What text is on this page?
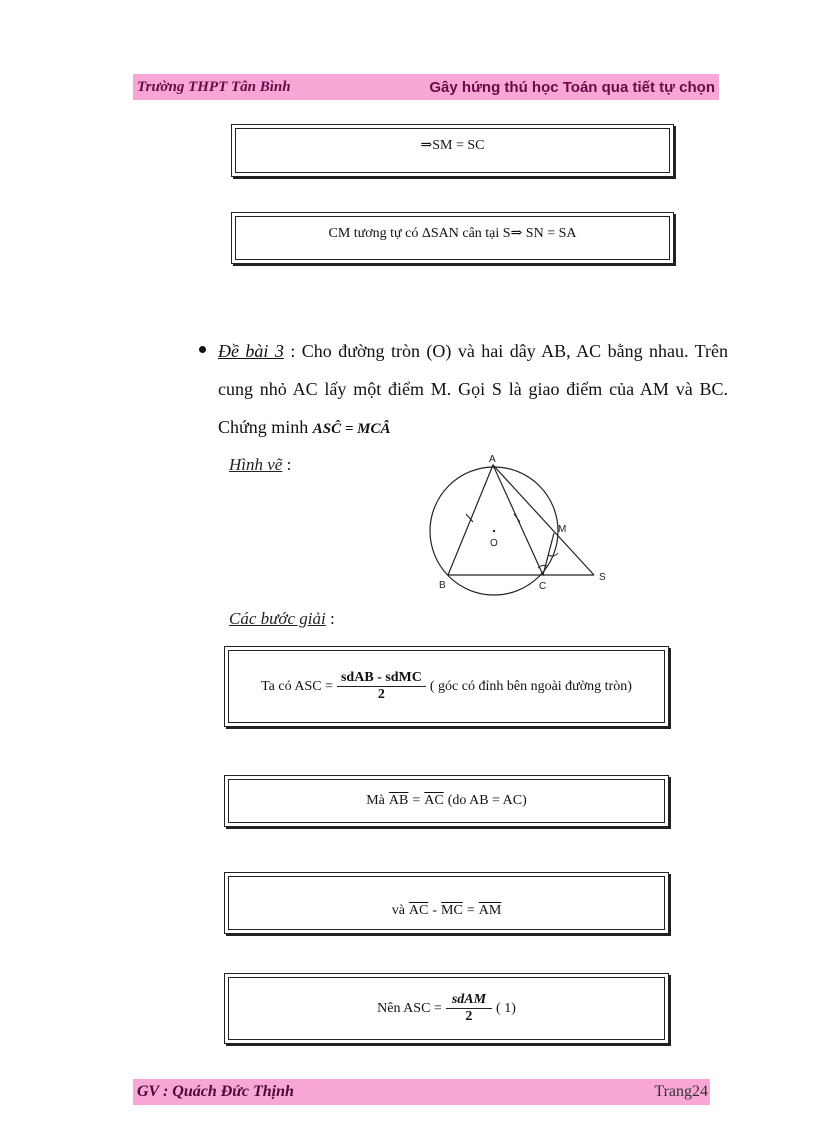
Trường THPT Tân Bình	Gây hứng thú học Toán qua tiết tự chọn
⇒SM = SC
CM tương tự có ΔSAN cân tại S⇒ SN = SA
Đề bài 3 : Cho đường tròn (O) và hai dây AB, AC bằng nhau. Trên cung nhỏ AC lấy một điểm M. Gọi S là giao điểm của AM và BC. Chứng minh ASĈ = MCÂ
Hình vẽ :	A
B	C
M
S
O
Các bước giải :
Ta có ASC =
sdAB - sdMC
2
( góc có đỉnh bên ngoài đường tròn)
Mà $\overline{AB} = \overline{AC}$ (do AB = AC)
và $\overline{AC} - \overline{MC} = \overline{AM}$
Nên ASC =
sdAM
2
( 1)
GV : Quách Đức Thịnh	Trang24
